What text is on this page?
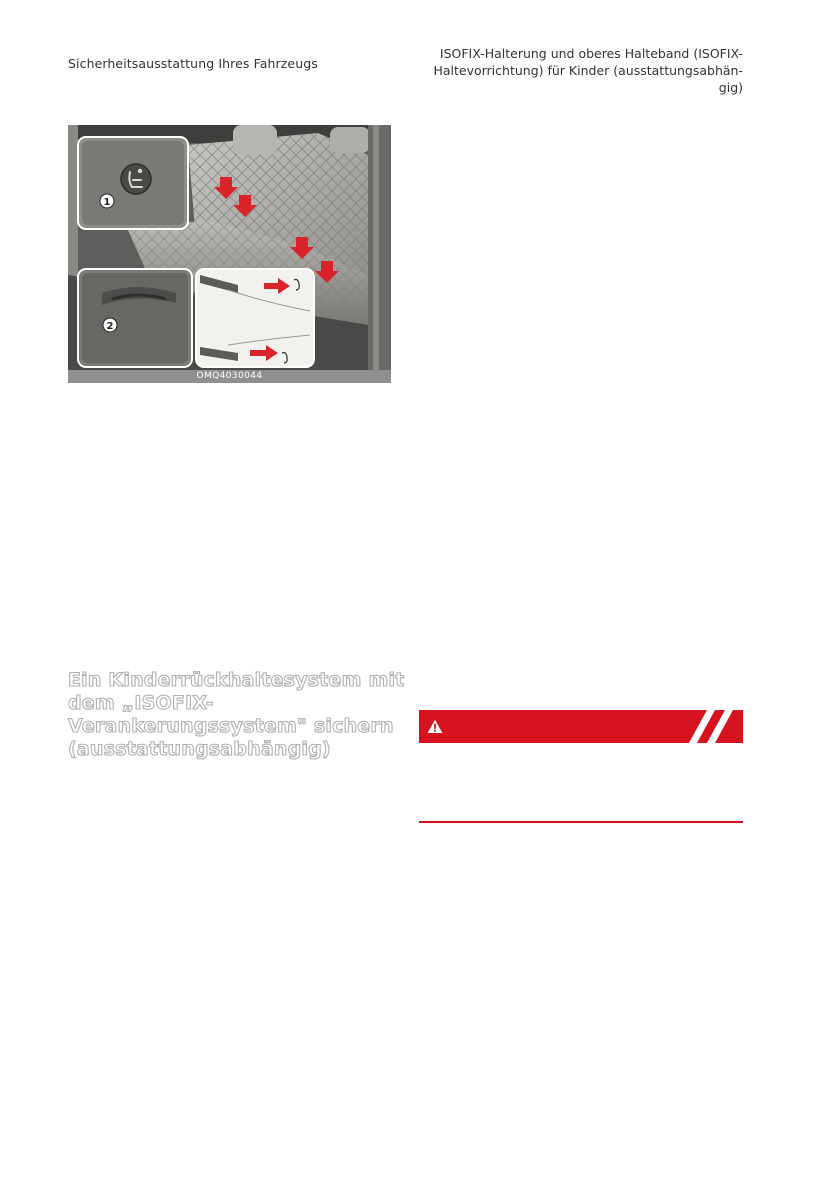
Sicherheitsausstattung Ihres Fahrzeugs
ISOFIX-Halterung und oberes Halteband (ISOFIX-
Haltevorrichtung) für Kinder (ausstattungsabhän-
gig)
1
2
OMQ4030044
Ein Kinderrückhaltesystem mit
dem „ISOFIX-
Verankerungssystem" sichern
(ausstattungsabhängig)
